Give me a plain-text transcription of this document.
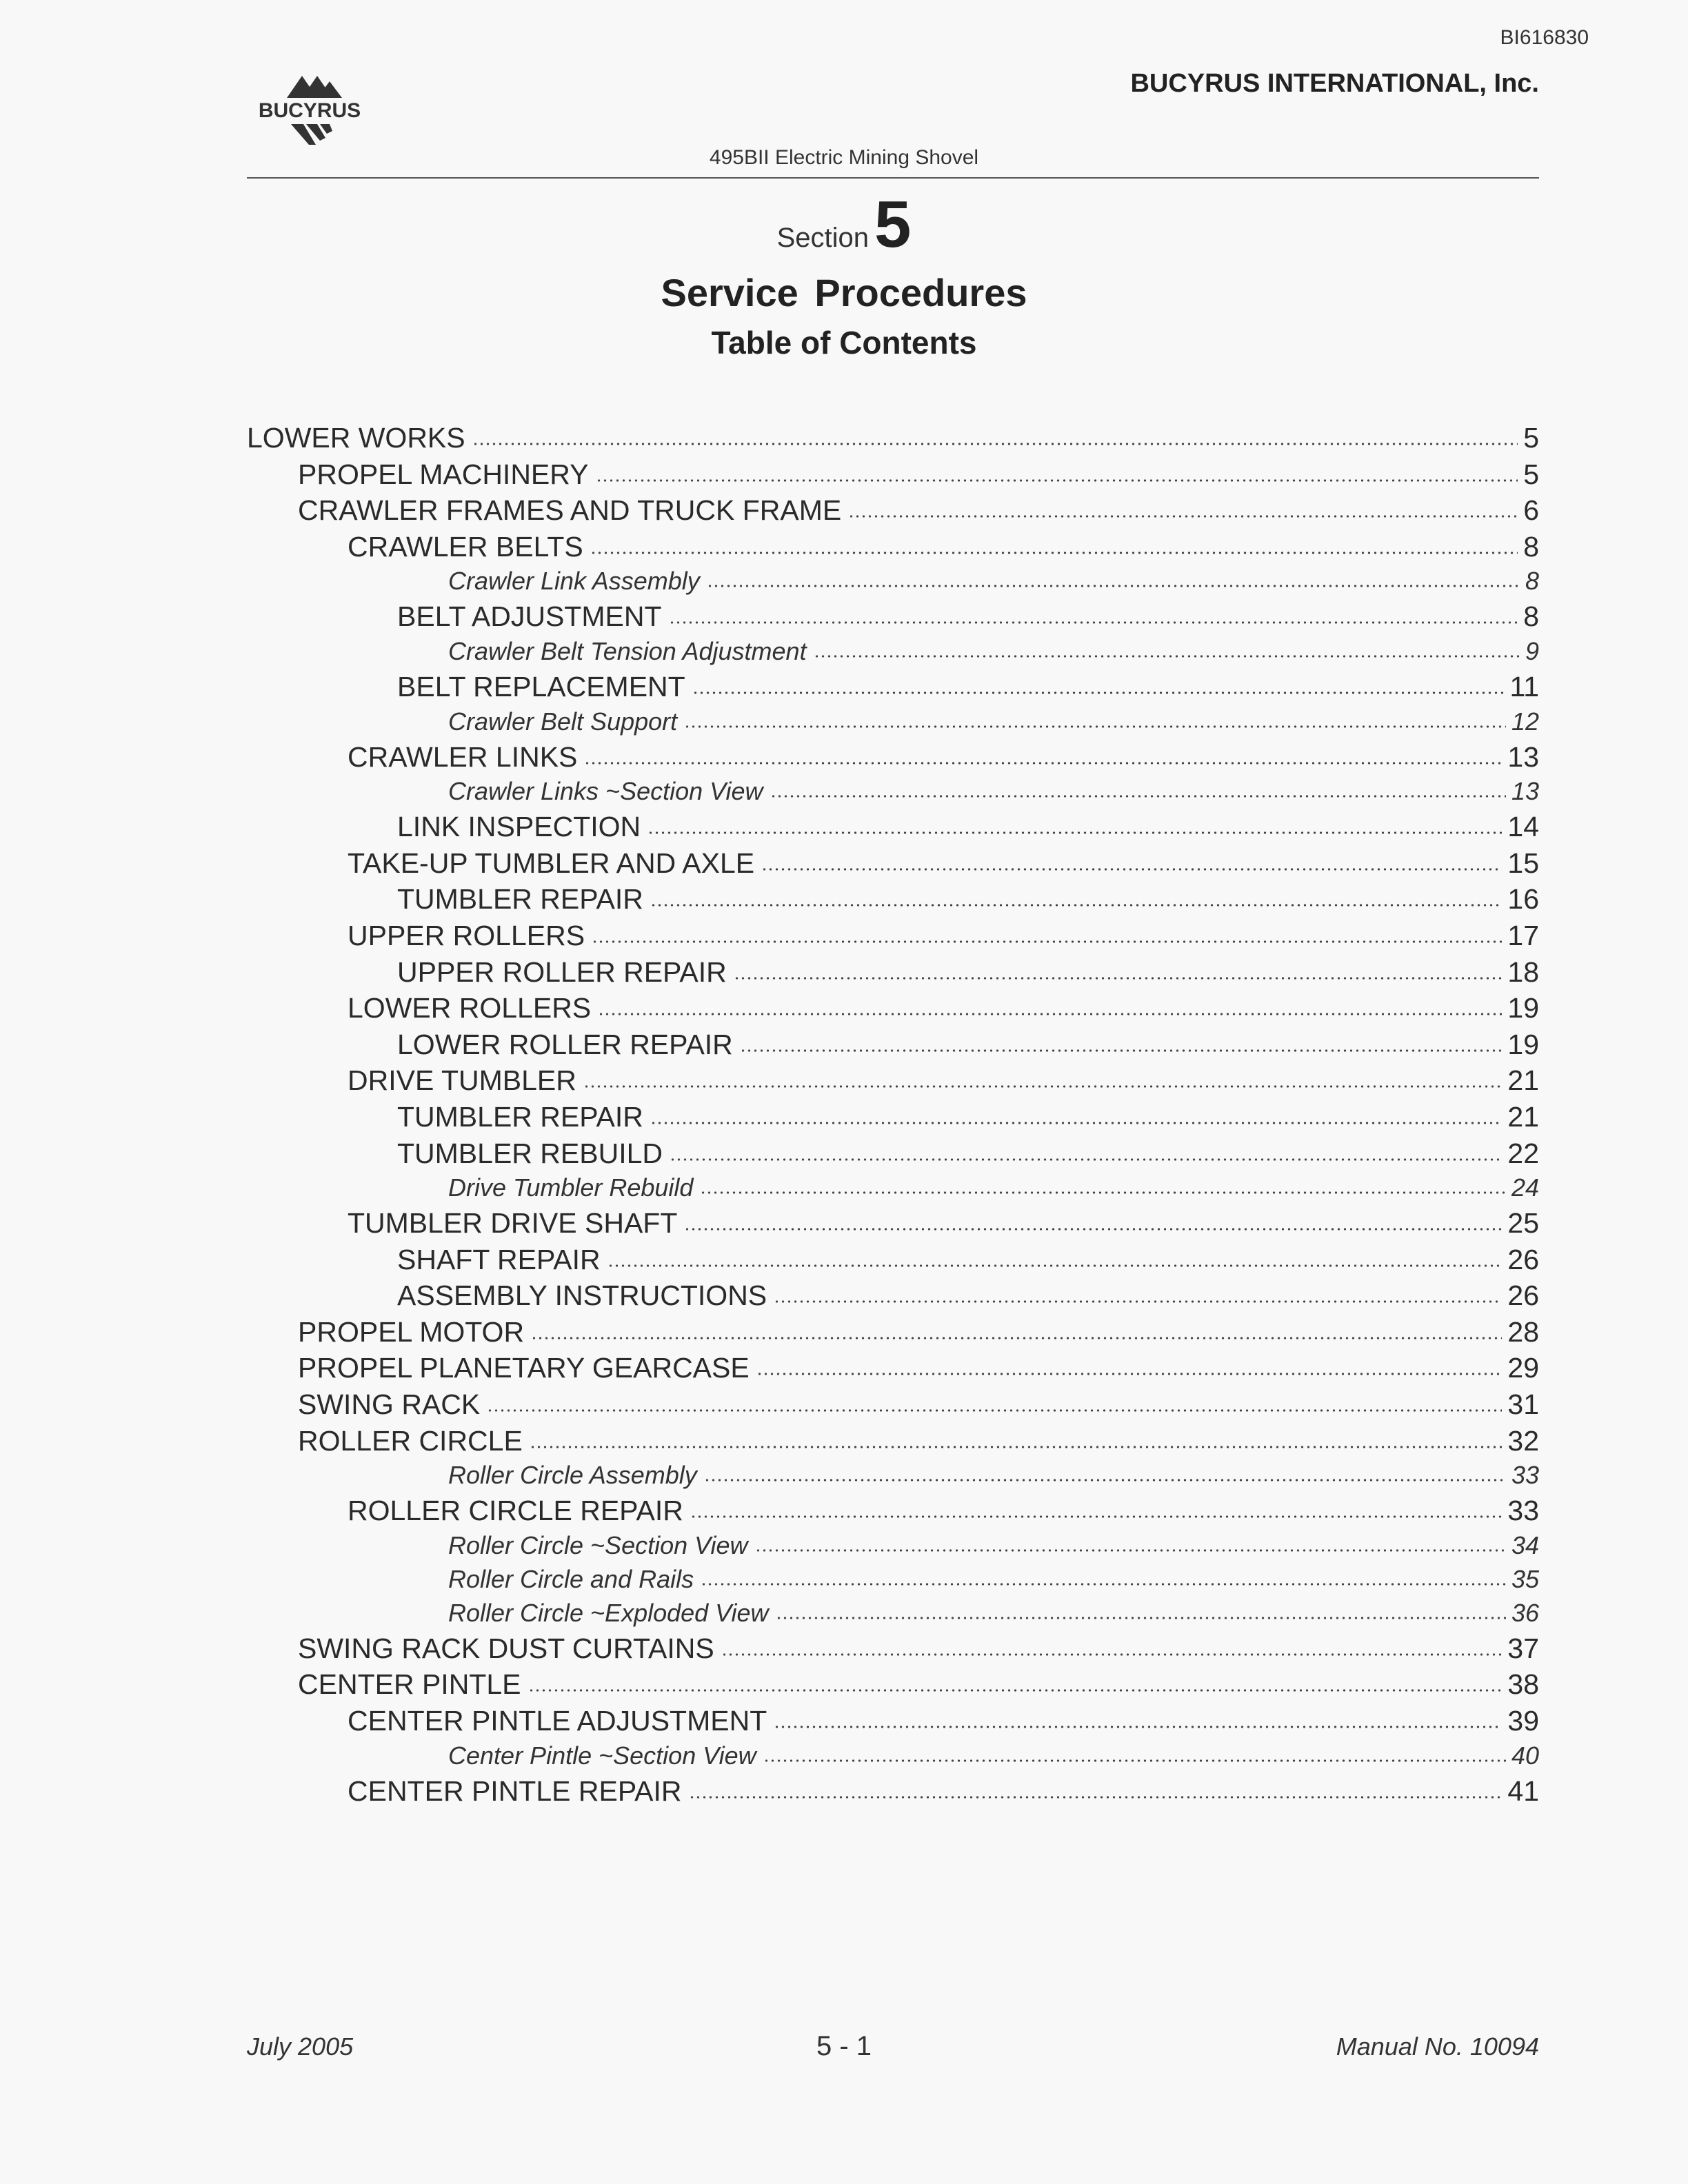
BI616830
BUCYRUS
BUCYRUS INTERNATIONAL, Inc.
495BII Electric Mining Shovel
Section5
Service Procedures
Table of Contents
LOWER WORKS	5
PROPEL MACHINERY	5
CRAWLER FRAMES AND TRUCK FRAME	6
CRAWLER BELTS	8
Crawler Link Assembly	8
BELT ADJUSTMENT	8
Crawler Belt Tension Adjustment	9
BELT REPLACEMENT	11
Crawler Belt Support	12
CRAWLER LINKS	13
Crawler Links ~Section View	13
LINK INSPECTION	14
TAKE-UP TUMBLER AND AXLE	15
TUMBLER REPAIR	16
UPPER ROLLERS	17
UPPER ROLLER REPAIR	18
LOWER ROLLERS	19
LOWER ROLLER REPAIR	19
DRIVE TUMBLER	21
TUMBLER REPAIR	21
TUMBLER REBUILD	22
Drive Tumbler Rebuild	24
TUMBLER DRIVE SHAFT	25
SHAFT REPAIR	26
ASSEMBLY INSTRUCTIONS	26
PROPEL MOTOR	28
PROPEL PLANETARY GEARCASE	29
SWING RACK	31
ROLLER CIRCLE	32
Roller Circle Assembly	33
ROLLER CIRCLE REPAIR	33
Roller Circle ~Section View	34
Roller Circle and Rails	35
Roller Circle ~Exploded View	36
SWING RACK DUST CURTAINS	37
CENTER PINTLE	38
CENTER PINTLE ADJUSTMENT	39
Center Pintle ~Section View	40
CENTER PINTLE REPAIR	41
July 2005	5 - 1	Manual No. 10094
